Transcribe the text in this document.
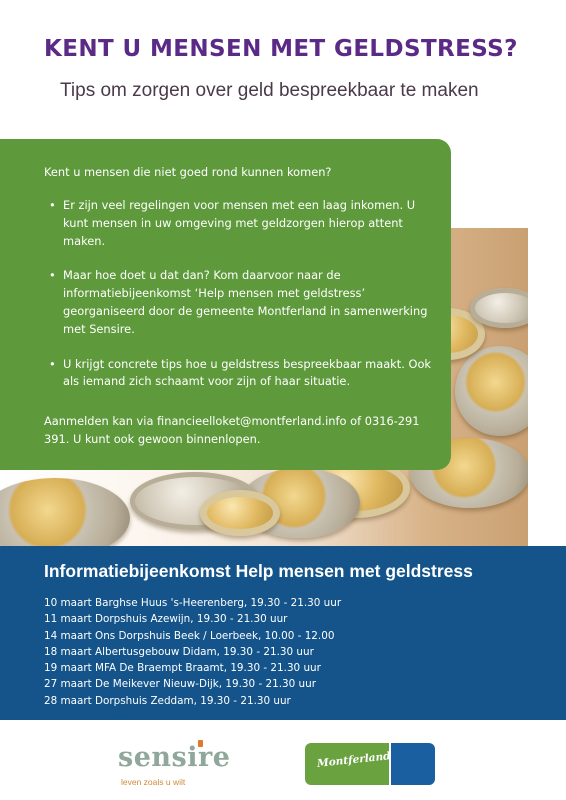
KENT U MENSEN MET GELDSTRESS?

Tips om zorgen over geld bespreekbaar te maken

Kent u mensen die niet goed rond kunnen komen?

• Er zijn veel regelingen voor mensen met een laag inkomen. U kunt mensen in uw omgeving met geldzorgen hierop attent maken.
• Maar hoe doet u dat dan? Kom daarvoor naar de informatiebijeenkomst ‘Help mensen met geldstress’ georganiseerd door de gemeente Montferland in samenwerking met Sensire.
• U krijgt concrete tips hoe u geldstress bespreekbaar maakt. Ook als iemand zich schaamt voor zijn of haar situatie.

Aanmelden kan via financieelloket@montferland.info of 0316-291 391. U kunt ook gewoon binnenlopen.

Informatiebijeenkomst Help mensen met geldstress
10 maart Barghse Huus 's-Heerenberg, 19.30 - 21.30 uur
11 maart Dorpshuis Azewijn, 19.30 - 21.30 uur
14 maart Ons Dorpshuis Beek / Loerbeek, 10.00 - 12.00
18 maart Albertusgebouw Didam, 19.30 - 21.30 uur
19 maart MFA De Braempt Braamt, 19.30 - 21.30 uur
27 maart De Meikever Nieuw-Dijk, 19.30 - 21.30 uur
28 maart Dorpshuis Zeddam, 19.30 - 21.30 uur

sensire

leven zoals u wilt

Montferland
